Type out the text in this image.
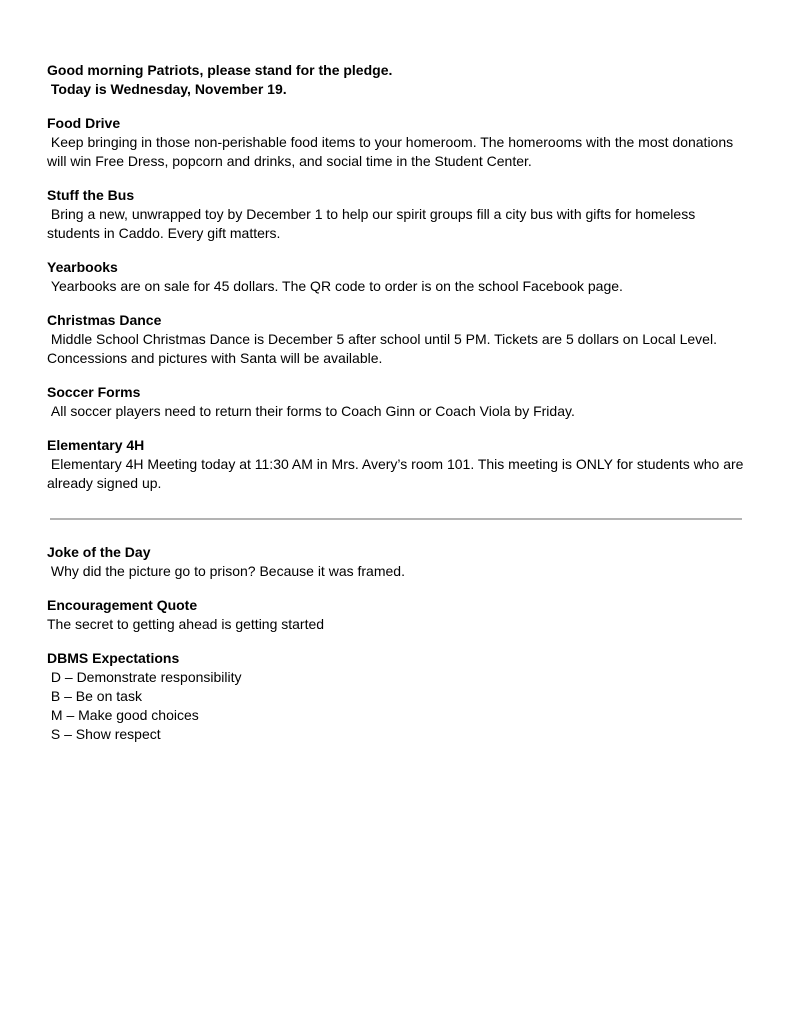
Good morning Patriots, please stand for the pledge.
Today is Wednesday, November 19.
Food Drive
Keep bringing in those non-perishable food items to your homeroom. The homerooms with the most donations will win Free Dress, popcorn and drinks, and social time in the Student Center.
Stuff the Bus
Bring a new, unwrapped toy by December 1 to help our spirit groups fill a city bus with gifts for homeless students in Caddo. Every gift matters.
Yearbooks
Yearbooks are on sale for 45 dollars. The QR code to order is on the school Facebook page.
Christmas Dance
Middle School Christmas Dance is December 5 after school until 5 PM. Tickets are 5 dollars on Local Level. Concessions and pictures with Santa will be available.
Soccer Forms
All soccer players need to return their forms to Coach Ginn or Coach Viola by Friday.
Elementary 4H
Elementary 4H Meeting today at 11:30 AM in Mrs. Avery’s room 101. This meeting is ONLY for students who are already signed up.
Joke of the Day
Why did the picture go to prison? Because it was framed.
Encouragement Quote
The secret to getting ahead is getting started
DBMS Expectations
D – Demonstrate responsibility
B – Be on task
M – Make good choices
S – Show respect
